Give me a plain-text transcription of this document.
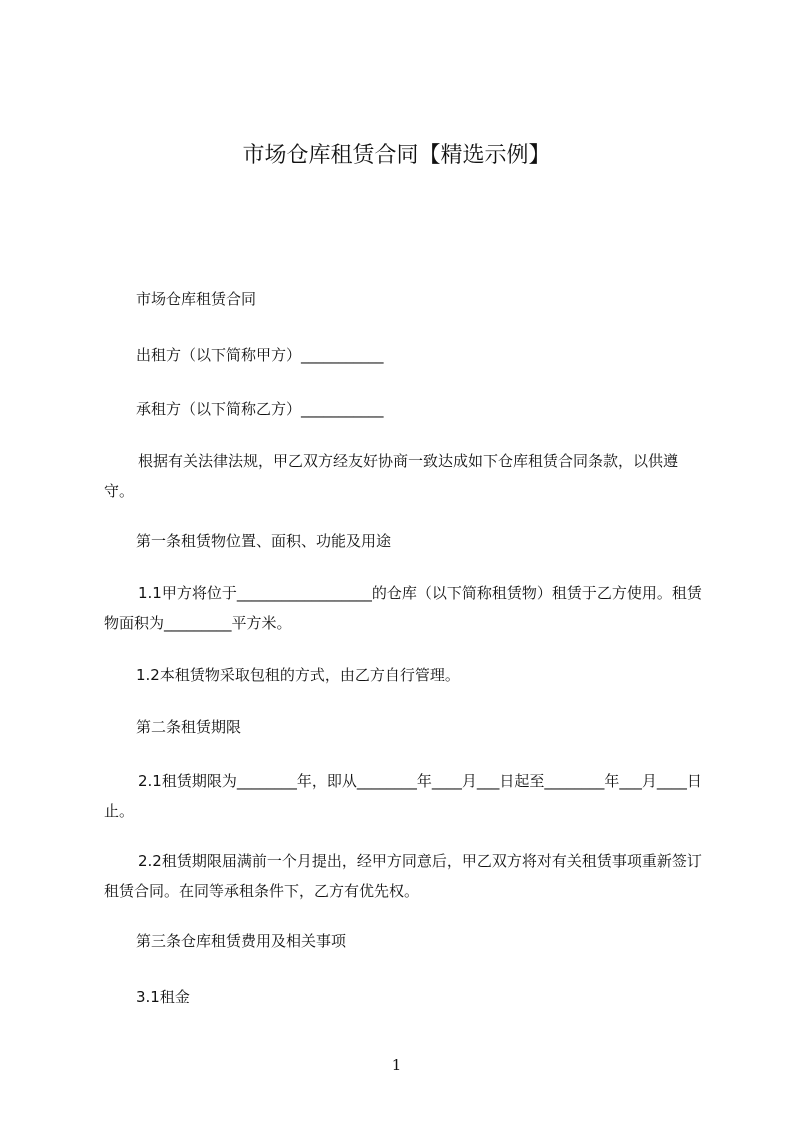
市场仓库租赁合同【精选示例】

市场仓库租赁合同

出租方（以下简称甲方）___________

承租方（以下简称乙方）___________

根据有关法律法规，甲乙双方经友好协商一致达成如下仓库租赁合同条款，以供遵守。

第一条租赁物位置、面积、功能及用途

1.1甲方将位于__________________的仓库（以下简称租赁物）租赁于乙方使用。租赁物面积为_________平方米。

1.2本租赁物采取包租的方式，由乙方自行管理。

第二条租赁期限

2.1租赁期限为________年，即从________年____月___日起至________年___月____日止。

2.2租赁期限届满前一个月提出，经甲方同意后，甲乙双方将对有关租赁事项重新签订租赁合同。在同等承租条件下，乙方有优先权。

第三条仓库租赁费用及相关事项

3.1租金

1
